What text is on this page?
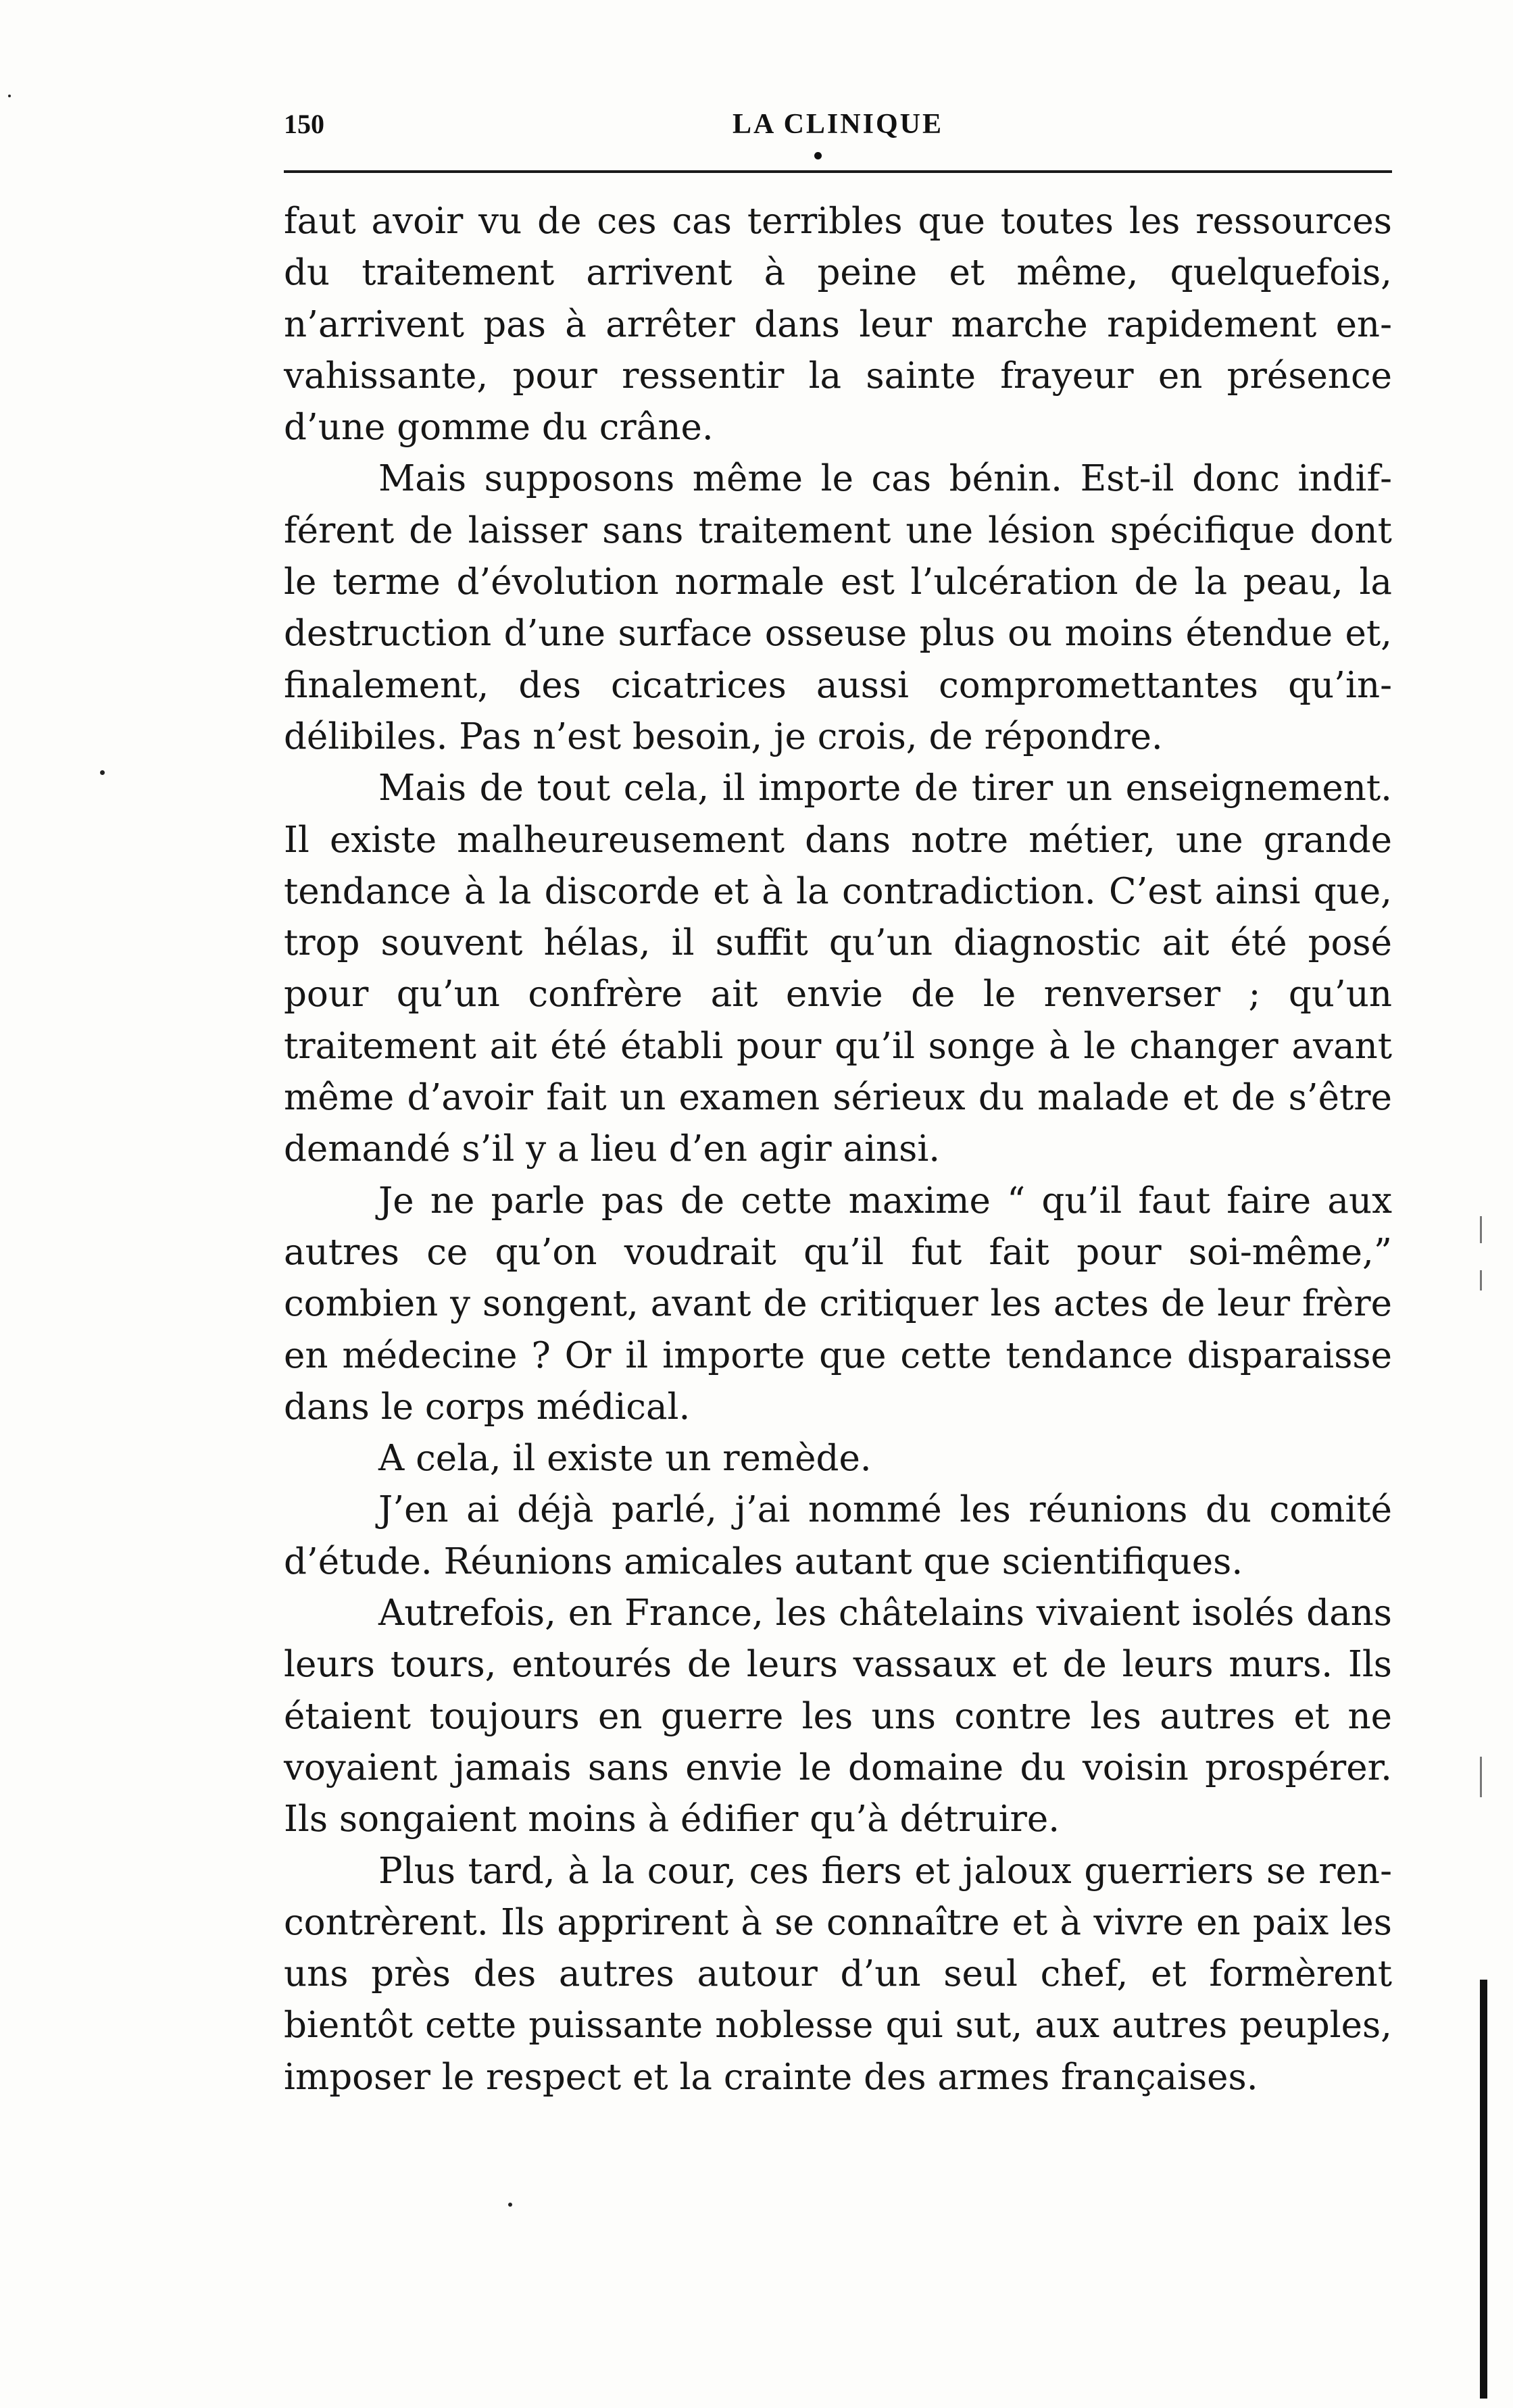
150	LA CLINIQUE

faut avoir vu de ces cas terribles que toutes les ressources du traitement arrivent à peine et même, quelquefois, n’arrivent pas à arrêter dans leur marche rapidement envahissante, pour ressentir la sainte frayeur en présence d’une gomme du crâne.

Mais supposons même le cas bénin. Est-il donc indifférent de laisser sans traitement une lésion spécifique dont le terme d’évolution normale est l’ulcération de la peau, la destruction d’une surface osseuse plus ou moins étendue et, finalement, des cicatrices aussi compromettantes qu’indélibiles. Pas n’est besoin, je crois, de répondre.

Mais de tout cela, il importe de tirer un enseignement. Il existe malheureusement dans notre métier, une grande tendance à la discorde et à la contradiction. C’est ainsi que, trop souvent hélas, il suffit qu’un diagnostic ait été posé pour qu’un confrère ait envie de le renverser ; qu’un traitement ait été établi pour qu’il songe à le changer avant même d’avoir fait un examen sérieux du malade et de s’être demandé s’il y a lieu d’en agir ainsi.

Je ne parle pas de cette maxime “ qu’il faut faire aux autres ce qu’on voudrait qu’il fut fait pour soi-même,” combien y songent, avant de critiquer les actes de leur frère en médecine ? Or il importe que cette tendance disparaisse dans le corps médical.

A cela, il existe un remède.

J’en ai déjà parlé, j’ai nommé les réunions du comité d’étude. Réunions amicales autant que scientifiques.

Autrefois, en France, les châtelains vivaient isolés dans leurs tours, entourés de leurs vassaux et de leurs murs. Ils étaient toujours en guerre les uns contre les autres et ne voyaient jamais sans envie le domaine du voisin prospérer. Ils songaient moins à édifier qu’à détruire.

Plus tard, à la cour, ces fiers et jaloux guerriers se rencontrèrent. Ils apprirent à se connaître et à vivre en paix les uns près des autres autour d’un seul chef, et formèrent bientôt cette puissante noblesse qui sut, aux autres peuples, imposer le respect et la crainte des armes françaises.
